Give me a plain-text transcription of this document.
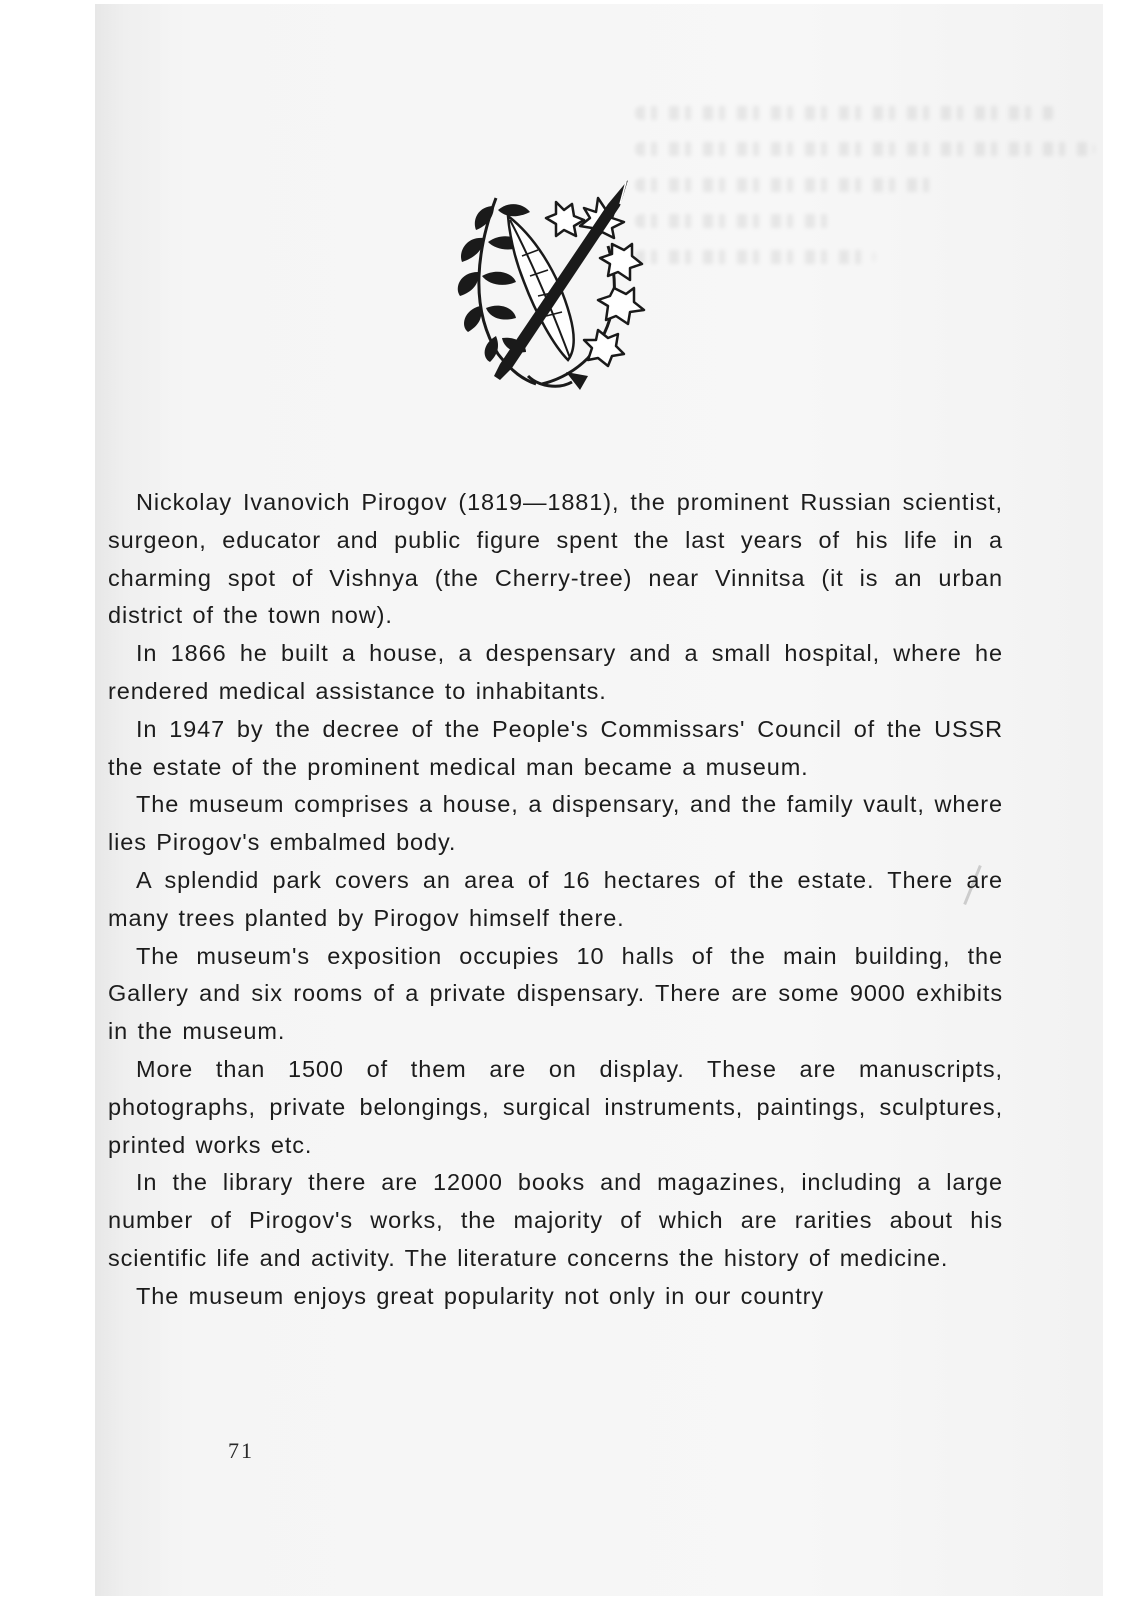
Nickolay Ivanovich Pirogov (1819—1881), the prominent Russian scientist, surgeon, educator and public figure spent the last years of his life in a charming spot of Vishnya (the Cherry-tree) near Vinnitsa (it is an urban district of the town now).

In 1866 he built a house, a despensary and a small hospital, where he rendered medical assistance to inhabitants.

In 1947 by the decree of the People's Commissars' Council of the USSR the estate of the prominent medical man became a museum.

The museum comprises a house, a dispensary, and the family vault, where lies Pirogov's embalmed body.

A splendid park covers an area of 16 hectares of the estate. There are many trees planted by Pirogov himself there.

The museum's exposition occupies 10 halls of the main building, the Gallery and six rooms of a private dispensary. There are some 9000 exhibits in the museum.

More than 1500 of them are on display. These are manuscripts, photographs, private belongings, surgical instruments, paintings, sculptures, printed works etc.

In the library there are 12000 books and magazines, including a large number of Pirogov's works, the majority of which are rarities about his scientific life and activity. The literature concerns the history of medicine.

The museum enjoys great popularity not only in our country

71
